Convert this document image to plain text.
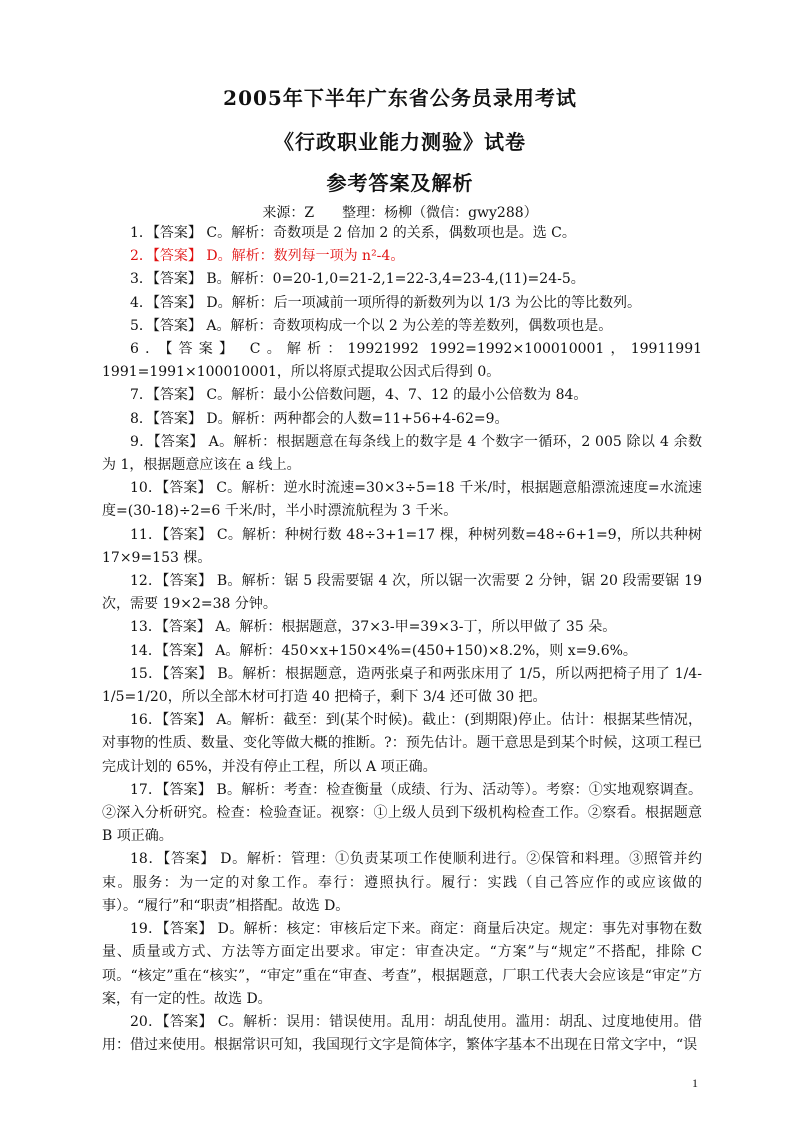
2005年下半年广东省公务员录用考试
《行政职业能力测验》试卷
参考答案及解析
来源：Z　　整理：杨柳（微信：gwy288）

1．【答案】 C。解析：奇数项是 2 倍加 2 的关系，偶数项也是。选 C。

2．【答案】 D。解析：数列每一项为 n²-4。

3．【答案】 B。解析：0=20-1,0=21-2,1=22-3,4=23-4,(11)=24-5。

4．【答案】 D。解析：后一项减前一项所得的新数列为以 1/3 为公比的等比数列。

5．【答案】 A。解析：奇数项构成一个以 2 为公差的等差数列，偶数项也是。

6．【答案】 C。解析：19921992 1992=1992×100010001，19911991 1991=1991×100010001，所以将原式提取公因式后得到 0。

7．【答案】 C。解析：最小公倍数问题，4、7、12 的最小公倍数为 84。

8．【答案】 D。解析：两种都会的人数=11+56+4-62=9。

9．【答案】 A。解析：根据题意在每条线上的数字是 4 个数字一循环，2 005 除以 4 余数为 1，根据题意应该在 a 线上。

10．【答案】 C。解析：逆水时流速=30×3÷5=18 千米/时，根据题意船漂流速度=水流速度=(30-18)÷2=6 千米/时，半小时漂流航程为 3 千米。

11．【答案】 C。解析：种树行数 48÷3+1=17 棵，种树列数=48÷6+1=9，所以共种树 17×9=153 棵。

12．【答案】 B。解析：锯 5 段需要锯 4 次，所以锯一次需要 2 分钟，锯 20 段需要锯 19 次，需要 19×2=38 分钟。

13．【答案】 A。解析：根据题意，37×3-甲=39×3-丁，所以甲做了 35 朵。

14．【答案】 A。解析：450×x+150×4%=(450+150)×8.2%，则 x=9.6%。

15．【答案】 B。解析：根据题意，造两张桌子和两张床用了 1/5，所以两把椅子用了 1/4-1/5=1/20，所以全部木材可打造 40 把椅子，剩下 3/4 还可做 30 把。

16．【答案】 A。解析：截至：到(某个时候)。截止：(到期限)停止。估计：根据某些情况，对事物的性质、数量、变化等做大概的推断。?：预先估计。题干意思是到某个时候，这项工程已完成计划的 65%，并没有停止工程，所以 A 项正确。

17．【答案】 B。解析：考查：检查衡量（成绩、行为、活动等）。考察：①实地观察调查。②深入分析研究。检查：检验查证。视察：①上级人员到下级机构检查工作。②察看。根据题意 B 项正确。

18．【答案】 D。解析：管理：①负责某项工作使顺利进行。②保管和料理。③照管并约束。服务：为一定的对象工作。奉行：遵照执行。履行：实践（自己答应作的或应该做的事）。“履行”和“职责”相搭配。故选 D。

19．【答案】 D。解析：核定：审核后定下来。商定：商量后决定。规定：事先对事物在数量、质量或方式、方法等方面定出要求。审定：审查决定。“方案”与“规定”不搭配，排除 C 项。“核定”重在“核实”，“审定”重在“审查、考查”，根据题意，厂职工代表大会应该是“审定”方案，有一定的性。故选 D。

20．【答案】 C。解析：误用：错误使用。乱用：胡乱使用。滥用：胡乱、过度地使用。借用：借过来使用。根据常识可知，我国现行文字是简体字，繁体字基本不出现在日常文字中，“误

1
